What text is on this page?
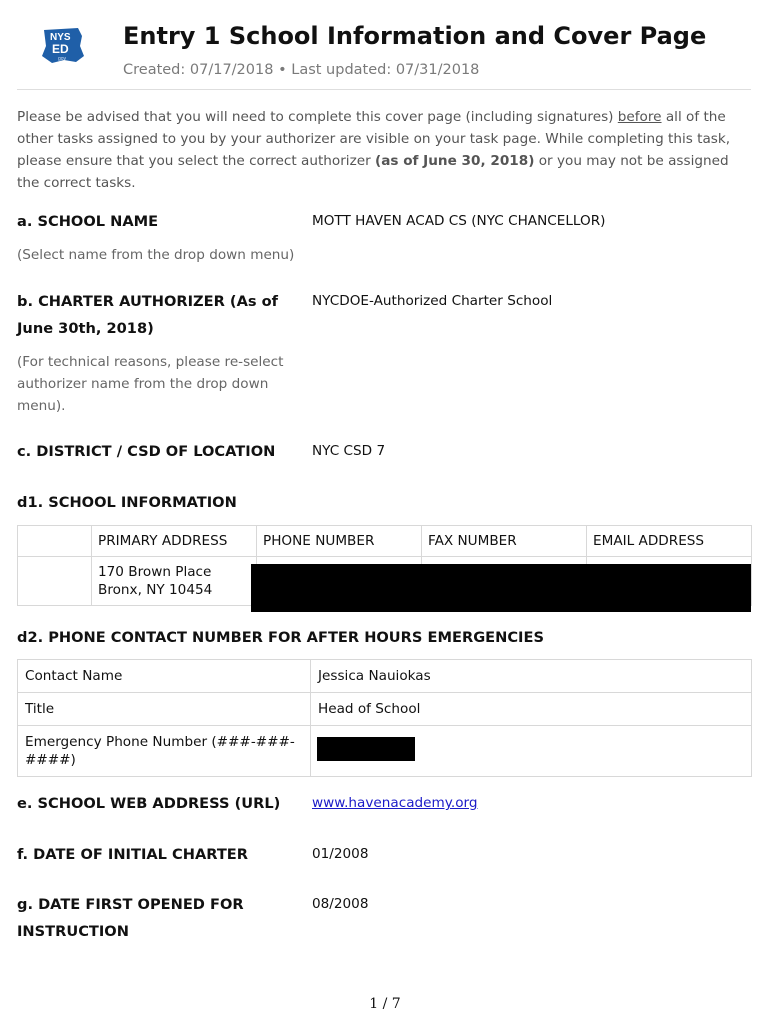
NYS
ED
gov
Entry 1 School Information and Cover Page
Created: 07/17/2018 • Last updated: 07/31/2018
Please be advised that you will need to complete this cover page (including signatures) before all of the other tasks assigned to you by your authorizer are visible on your task page. While completing this task, please ensure that you select the correct authorizer (as of June 30, 2018) or you may not be assigned the correct tasks.
a. SCHOOL NAME	MOTT HAVEN ACAD CS (NYC CHANCELLOR)
(Select name from the drop down menu)
b. CHARTER AUTHORIZER (As of
June 30th, 2018)
NYCDOE-Authorized Charter School
(For technical reasons, please re-select
authorizer name from the drop down
menu).
c. DISTRICT / CSD OF LOCATION	NYC CSD 7
d1. SCHOOL INFORMATION
	PRIMARY ADDRESS	PHONE NUMBER	FAX NUMBER	EMAIL ADDRESS

	170 Brown Place
Bronx, NY 10454			

d2. PHONE CONTACT NUMBER FOR AFTER HOURS EMERGENCIES
Contact Name	Jessica Nauiokas
Title	Head of School
Emergency Phone Number (###-###-####)	
e. SCHOOL WEB ADDRESS (URL) www.havenacademy.org
f. DATE OF INITIAL CHARTER	01/2008
g. DATE FIRST OPENED FOR
INSTRUCTION
08/2008
1 / 7
